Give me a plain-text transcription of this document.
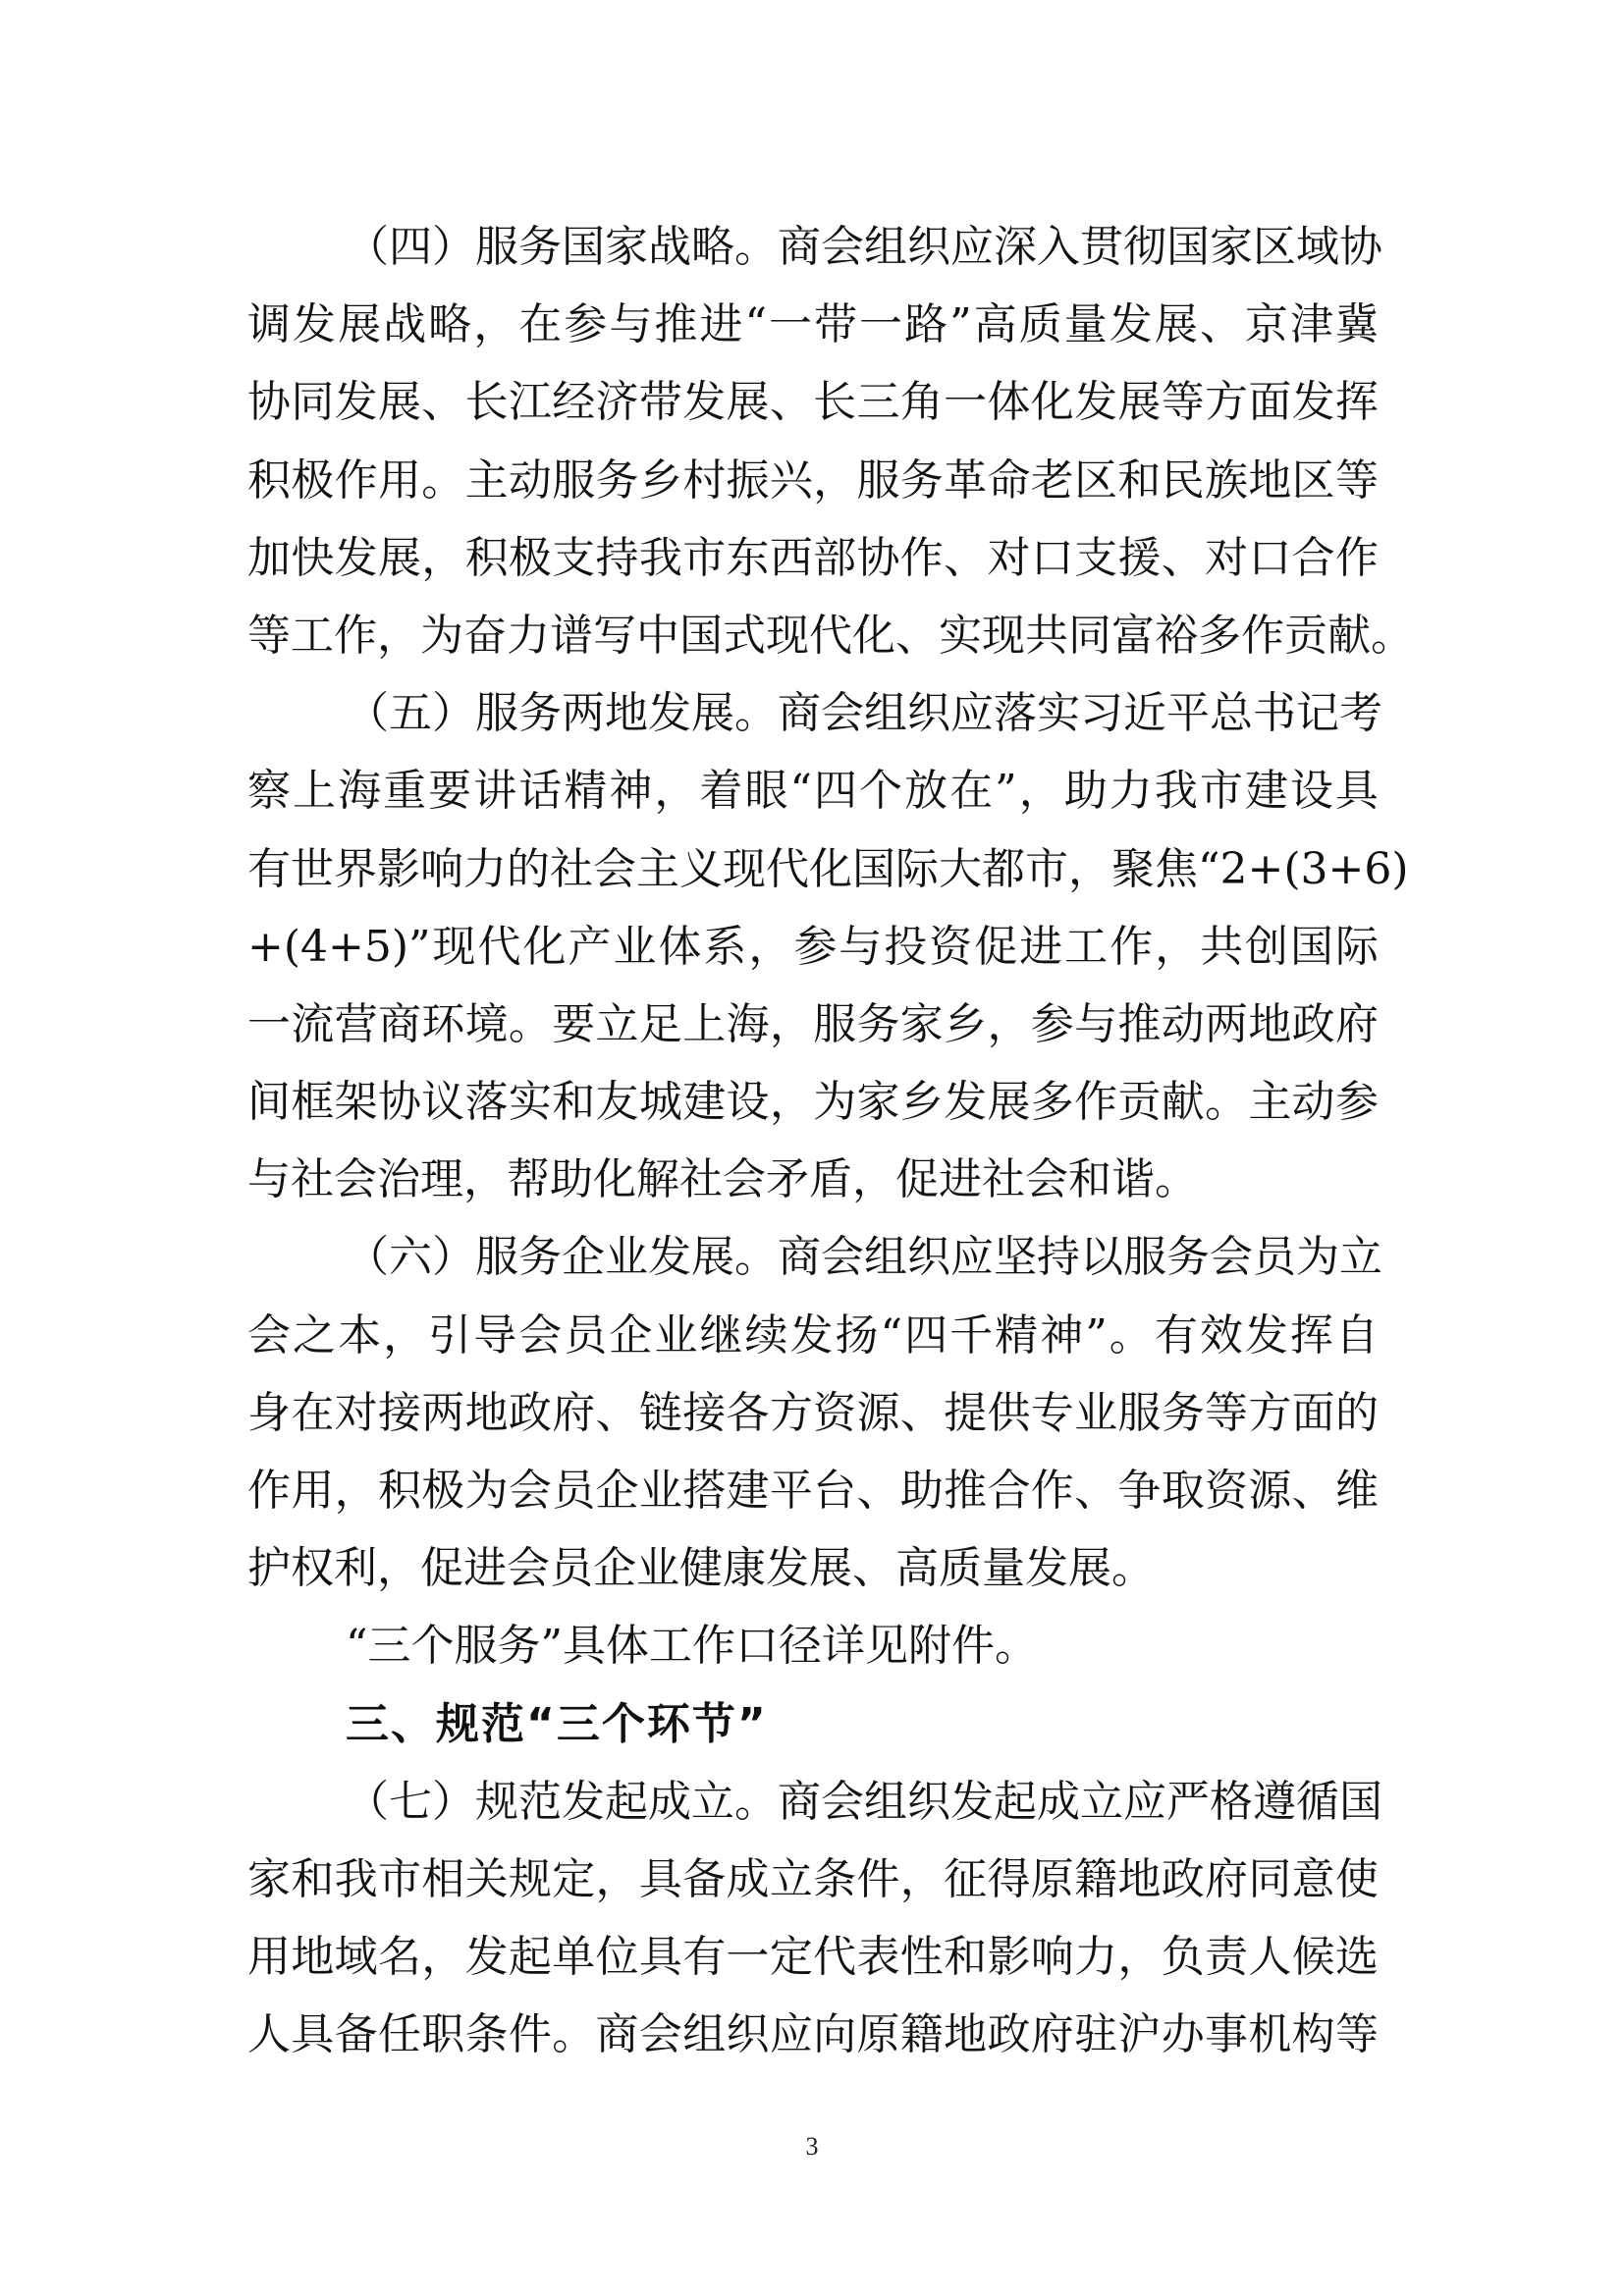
（四）服务国家战略。商会组织应深入贯彻国家区域协
调发展战略，在参与推进“一带一路”高质量发展、京津冀
协同发展、长江经济带发展、长三角一体化发展等方面发挥
积极作用。主动服务乡村振兴，服务革命老区和民族地区等
加快发展，积极支持我市东西部协作、对口支援、对口合作
等工作，为奋力谱写中国式现代化、实现共同富裕多作贡献。
（五）服务两地发展。商会组织应落实习近平总书记考
察上海重要讲话精神，着眼“四个放在”，助力我市建设具
有世界影响力的社会主义现代化国际大都市，聚焦“2+(3+6)
+(4+5)”现代化产业体系，参与投资促进工作，共创国际
一流营商环境。要立足上海，服务家乡，参与推动两地政府
间框架协议落实和友城建设，为家乡发展多作贡献。主动参
与社会治理，帮助化解社会矛盾，促进社会和谐。
（六）服务企业发展。商会组织应坚持以服务会员为立
会之本，引导会员企业继续发扬“四千精神”。有效发挥自
身在对接两地政府、链接各方资源、提供专业服务等方面的
作用，积极为会员企业搭建平台、助推合作、争取资源、维
护权利，促进会员企业健康发展、高质量发展。
“三个服务”具体工作口径详见附件。
三、规范“三个环节”
（七）规范发起成立。商会组织发起成立应严格遵循国
家和我市相关规定，具备成立条件，征得原籍地政府同意使
用地域名，发起单位具有一定代表性和影响力，负责人候选
人具备任职条件。商会组织应向原籍地政府驻沪办事机构等
3
